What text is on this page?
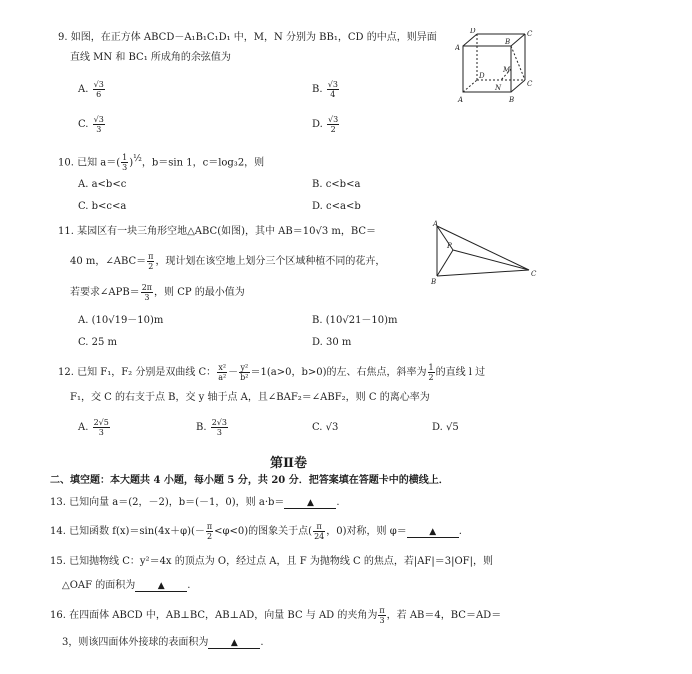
9. 如图，在正方体 ABCD－A₁B₁C₁D₁ 中，M，N 分别为 BB₁，CD 的中点，则异面
直线 MN 和 BC₁ 所成角的余弦值为
A. $\frac{√3}{6}$	B. $\frac{√3}{4}$
C. $\frac{√3}{3}$	D. $\frac{√3}{2}$
D	C
A
B
M
D
N	C
A	B
10. 已知 $a=( \frac{1}{3} )^{\frac{1}{2}}$，b＝sin 1，c＝log₃2，则
A. a<b<c	B. c<b<a
C. b<c<a	D. c<a<b
11. 某园区有一块三角形空地△ABC(如图)，其中 AB＝10√3 m，BC＝
40 m，∠ABC＝ $\frac{\pi}{2}$ ，现计划在该空地上划分三个区域种植不同的花卉，
若要求∠APB＝ $\frac{2\pi}{3}$ ，则 CP 的最小值为
A. (10√19－10)m	B. (10√21－10)m
C. 25 m	D. 30 m
A
P
B
C
12. 已知 F₁，F₂ 分别是双曲线 C： $\frac{\text{x²}}{\text{a²}} - \frac{\text{y²}}{\text{b²}} =1(a>0$，b>0)的左、右焦点，斜率为 $\frac{1}{2}$ 的直线 l 过
F₁，交 C 的右支于点 B，交 y 轴于点 A，且∠BAF₂＝∠ABF₂，则 C 的离心率为
A. $\frac{2√5}{3}$	B. $\frac{2√3}{3}$	C. √3	D. √5
第Ⅱ卷
二、填空题：本大题共 4 小题，每小题 5 分，共 20 分．把答案填在答题卡中的横线上．
13. 已知向量 a＝(2，－2)，b＝(－1，0)，则 a·b＝	▲ .
14. 已知函数 $f(x)=\sin(4x+\varphi)(- \frac{\pi}{2} <\varphi<0)$的图象关于点( $\frac{\pi}{24}$ ，0)对称，则 φ＝	▲ .
15. 已知抛物线 C：y²＝4x 的顶点为 O，经过点 A，且 F 为抛物线 C 的焦点，若|AF|＝3|OF|，则
△OAF 的面积为	▲ .
16. 在四面体 ABCD 中，AB⊥BC，AB⊥AD，向量 BC 与 AD 的夹角为 $\frac{\pi}{3}$ ，若 AB＝4，BC＝AD＝
3，则该四面体外接球的表面积为	▲ .
